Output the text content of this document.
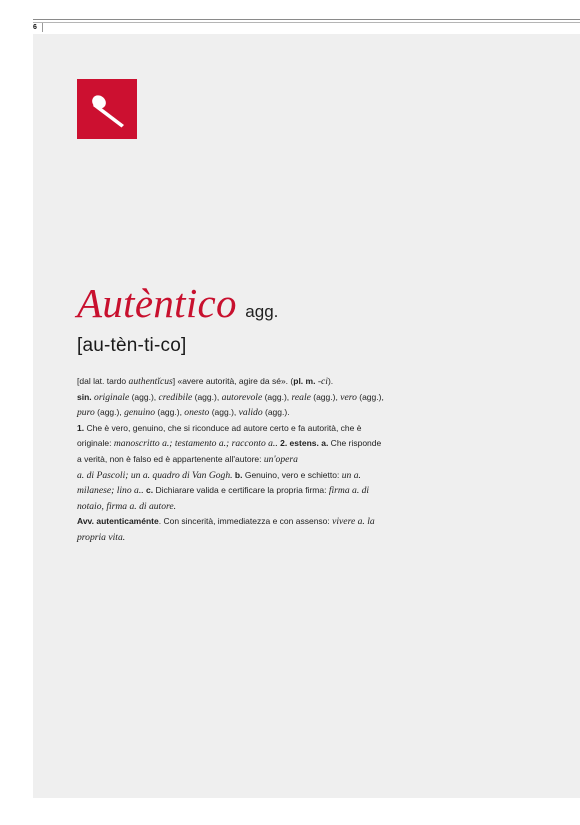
6
Autèntico agg.
[au-tèn-ti-co]
[dal lat. tardo authentĭcus] «avere autorità, agire da sé». (pl. m. -ci).
sin. originale (agg.), credibile (agg.), autorevole (agg.), reale (agg.), vero (agg.),
puro (agg.), genuino (agg.), onesto (agg.), valido (agg.).
1. Che è vero, genuino, che si riconduce ad autore certo e fa autorità, che è
originale: manoscritto a.; testamento a.; racconto a.. 2. estens. a. Che risponde
a verità, non è falso ed è appartenente all'autore: un'opera
a. di Pascoli; un a. quadro di Van Gogh. b. Genuino, vero e schietto: un a.
milanese; lino a.. c. Dichiarare valida e certificare la propria firma: firma a. di
notaio, firma a. di autore.
Avv. autenticaménte. Con sincerità, immediatezza e con assenso: vivere a. la
propria vita.
